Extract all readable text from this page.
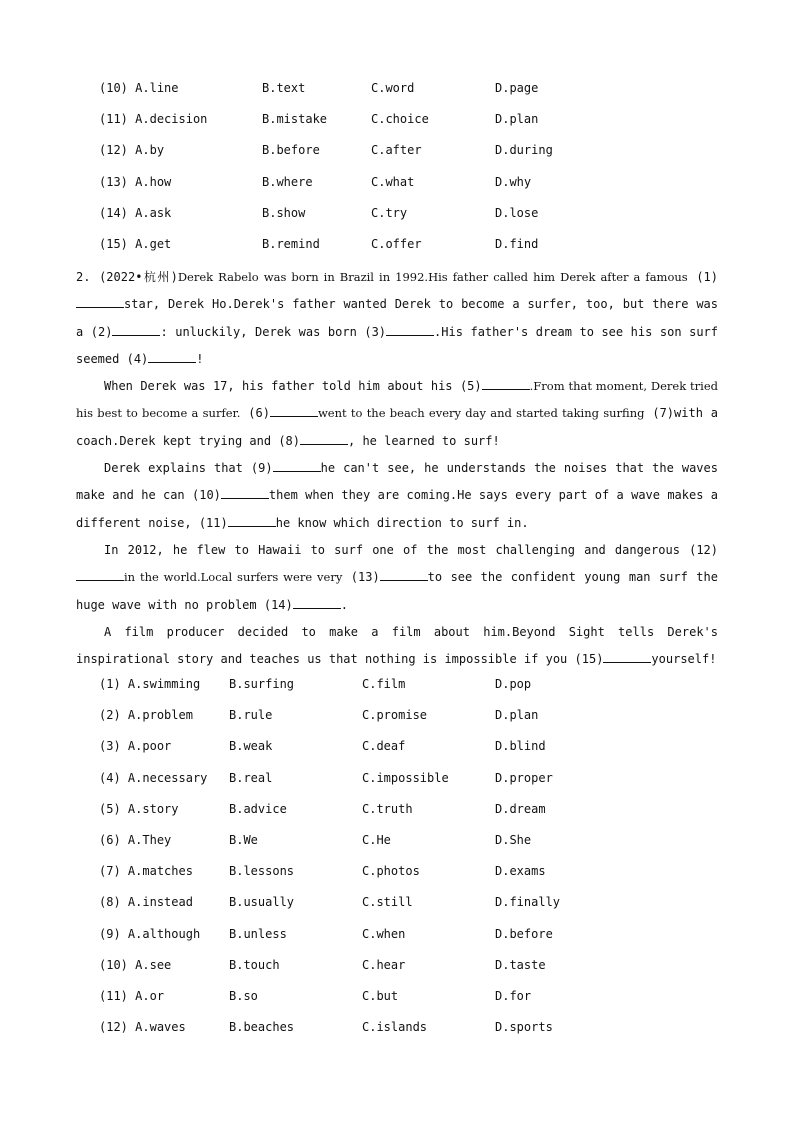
(10) A.line	B.text	C.word	D.page
(11) A.decision	B.mistake	C.choice	D.plan
(12) A.by	B.before	C.after	D.during
(13) A.how	B.where	C.what	D.why
(14) A.ask	B.show	C.try	D.lose
(15) A.get	B.remind	C.offer	D.find
2. (2022•杭州)Derek Rabelo was born in Brazil in 1992.His father called him Derek after a famous (1)star, Derek Ho.Derek's father wanted Derek to become a surfer, too, but there was a (2)	: unluckily, Derek was born (3)	.His father's dream to see his son surf seemed (4)	!
When Derek was 17, his father told him about his (5)	.From that moment, Derek tried his best to become a surfer. (6)	went to the beach every day and started taking surfing (7)with a coach.Derek kept trying and (8)	, he learned to surf!
Derek explains that (9)	he can't see, he understands the noises that the waves make and he can (10)	them when they are coming.He says every part of a wave makes a different noise, (11)	he know which direction to surf in.
In 2012, he flew to Hawaii to surf one of the most challenging and dangerous (12)in the world.Local surfers were very (13)	to see the confident young man surf the huge wave with no problem (14)	.
A film producer decided to make a film about him.Beyond Sight tells Derek's inspirational story and teaches us that nothing is impossible if you (15)	yourself!
(1) A.swimming B.surfing	C.film	D.pop
(2) A.problem	B.rule	C.promise	D.plan
(3) A.poor	B.weak	C.deaf	D.blind
(4) A.necessary B.real	C.impossible	D.proper
(5) A.story	B.advice	C.truth	D.dream
(6) A.They	B.We	C.He	D.She
(7) A.matches	B.lessons	C.photos	D.exams
(8) A.instead	B.usually	C.still	D.finally
(9) A.although B.unless	C.when	D.before
(10) A.see	B.touch	C.hear	D.taste
(11) A.or	B.so	C.but	D.for
(12) A.waves	B.beaches	C.islands	D.sports
